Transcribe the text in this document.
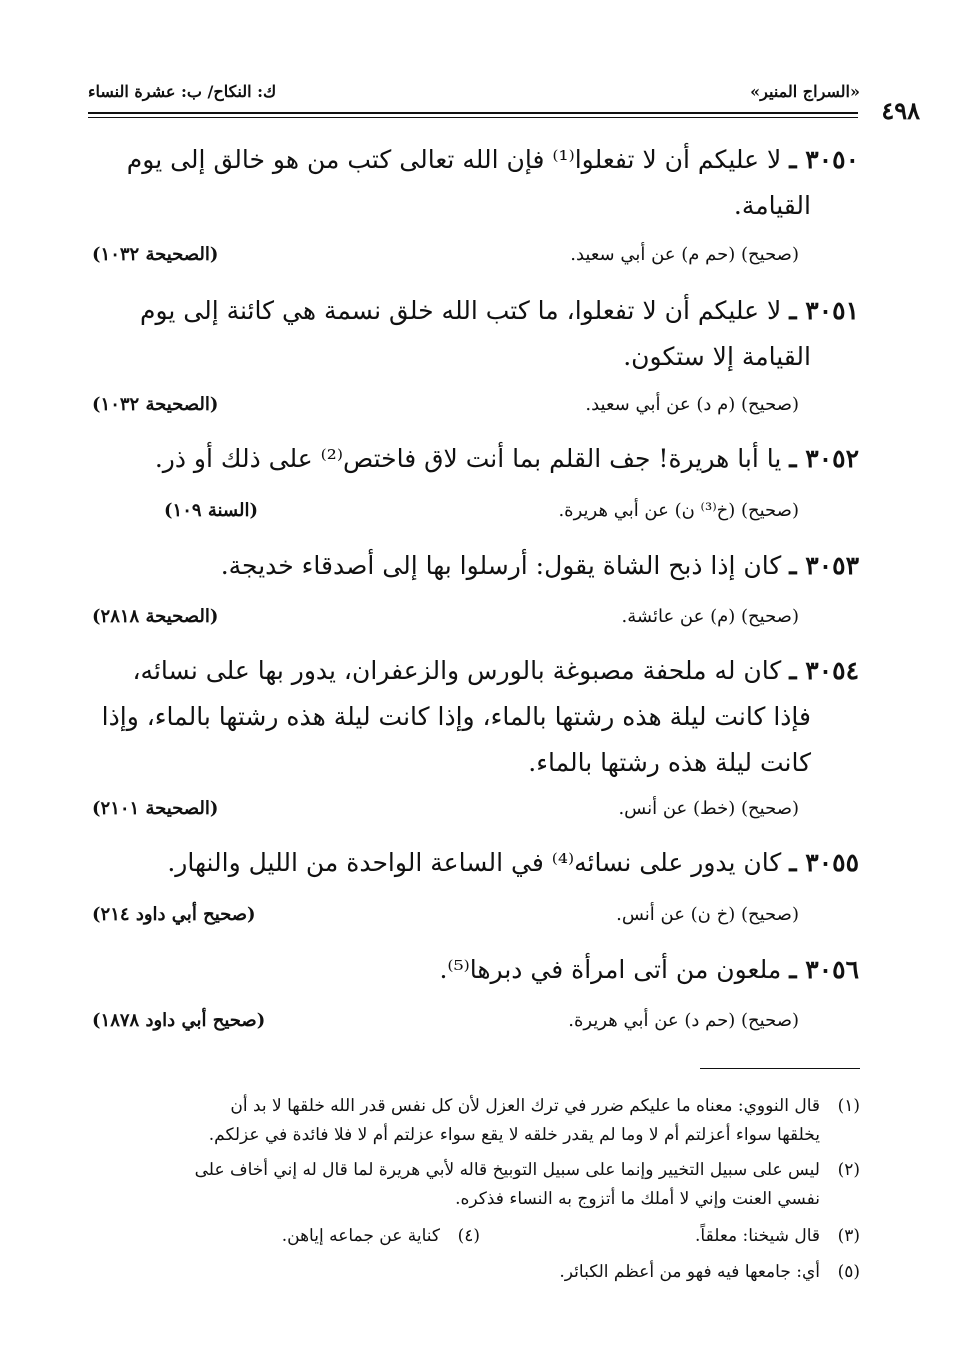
٤٩٨
«السراج المنير»
ك: النكاح/ ب: عشرة النساء
٣٠٥٠ ـ لا عليكم أن لا تفعلوا⁽¹⁾ فإن الله تعالى كتب من هو خالق إلى يوم
القيامة.
(صحيح) (حم م) عن أبي سعيد.
(الصحيحة ١٠٣٢)
٣٠٥١ ـ لا عليكم أن لا تفعلوا، ما كتب الله خلق نسمة هي كائنة إلى يوم
القيامة إلا ستكون.
(صحيح) (م د) عن أبي سعيد.
(الصحيحة ١٠٣٢)
٣٠٥٢ ـ يا أبا هريرة! جف القلم بما أنت لاق فاختص⁽²⁾ على ذلك أو ذر.
(صحيح) (خ⁽³⁾ ن) عن أبي هريرة.
(السنة ١٠٩)
٣٠٥٣ ـ كان إذا ذبح الشاة يقول: أرسلوا بها إلى أصدقاء خديجة.
(صحيح) (م) عن عائشة.
(الصحيحة ٢٨١٨)
٣٠٥٤ ـ كان له ملحفة مصبوغة بالورس والزعفران، يدور بها على نسائه،
فإذا كانت ليلة هذه رشتها بالماء، وإذا كانت ليلة هذه رشتها بالماء، وإذا
كانت ليلة هذه رشتها بالماء.
(صحيح) (خط) عن أنس.
(الصحيحة ٢١٠١)
٣٠٥٥ ـ كان يدور على نسائه⁽⁴⁾ في الساعة الواحدة من الليل والنهار.
(صحيح) (خ ن) عن أنس.
(صحيح أبي داود ٢١٤)
٣٠٥٦ ـ ملعون من أتى امرأة في دبرها⁽⁵⁾.
(صحيح) (حم د) عن أبي هريرة.
(صحيح أبي داود ١٨٧٨)
(١)قال النووي: معناه ما عليكم ضرر في ترك العزل لأن كل نفس قدر الله خلقها لا بد أن
يخلقها سواء أعزلتم أم لا وما لم يقدر خلقه لا يقع سواء عزلتم أم لا فلا فائدة في عزلكم.
(٢)ليس على سبيل التخيير وإنما على سبيل التوبيخ قاله لأبي هريرة لما قال له إني أخاف على
نفسي العنت وإني لا أملك ما أتزوج به النساء فذكره.
(٣)قال شيخنا: معلقاً.
(٤)كناية عن جماعه إياهن.
(٥)أي: جامعها فيه فهو من أعظم الكبائر.
